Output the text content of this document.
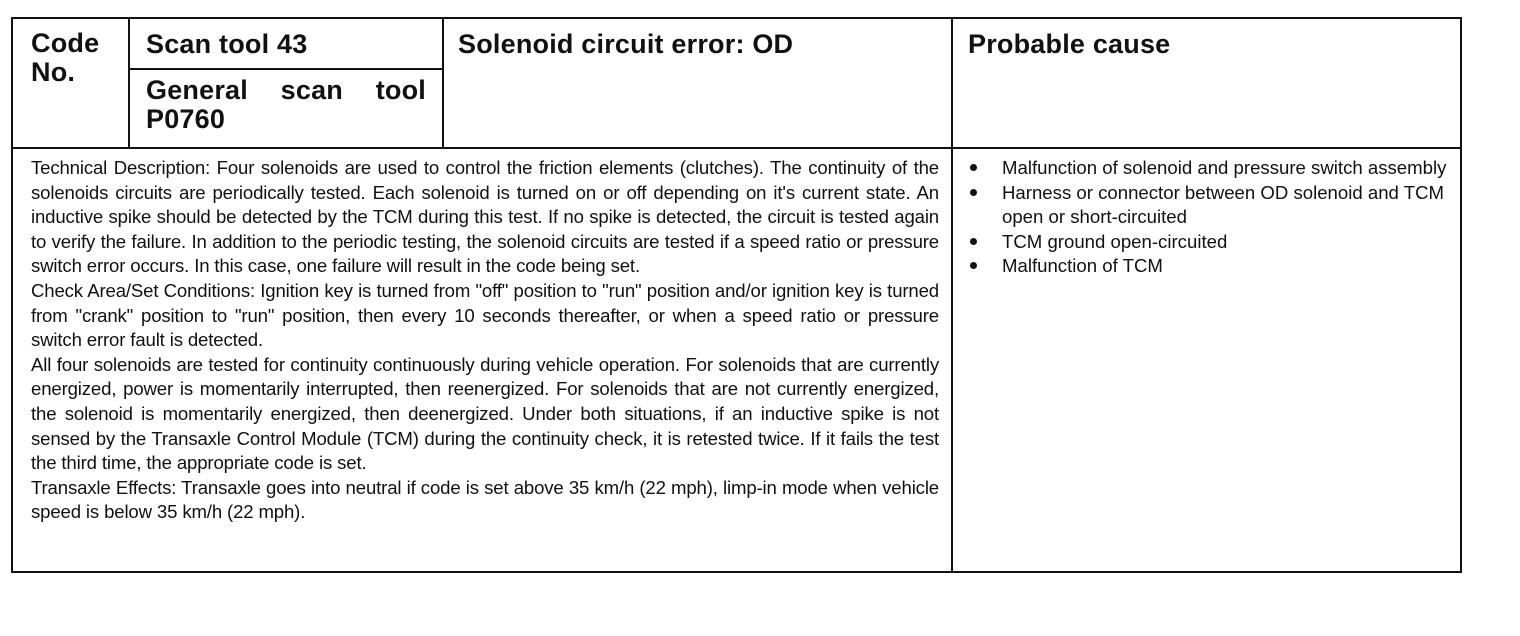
Code No.
Scan tool 43
General scan tool P0760
Solenoid circuit error: OD	Probable cause

Technical Description: Four solenoids are used to control the friction elements (clutches). The continuity of the solenoids circuits are periodically tested. Each solenoid is turned on or off depending on it's current state. An inductive spike should be detected by the TCM during this test. If no spike is detected, the circuit is tested again to verify the failure. In addition to the periodic testing, the solenoid circuits are tested if a speed ratio or pressure switch error occurs. In this case, one failure will result in the code being set.

Check Area/Set Conditions: Ignition key is turned from "off" position to "run" position and/or ignition key is turned from "crank" position to "run" position, then every 10 seconds thereafter, or when a speed ratio or pressure switch error fault is detected.

All four solenoids are tested for continuity continuously during vehicle operation. For solenoids that are currently energized, power is momentarily interrupted, then reenergized. For solenoids that are not currently energized, the solenoid is momentarily energized, then deenergized. Under both situations, if an inductive spike is not sensed by the Transaxle Control Module (TCM) during the continuity check, it is retested twice. If it fails the test the third time, the appropriate code is set.

Transaxle Effects: Transaxle goes into neutral if code is set above 35 km/h (22 mph), limp-in mode when vehicle speed is below 35 km/h (22 mph).

Malfunction of solenoid and pressure switch assembly
Harness or connector between OD solenoid and TCM open or short-circuited
TCM ground open-circuited
Malfunction of TCM
